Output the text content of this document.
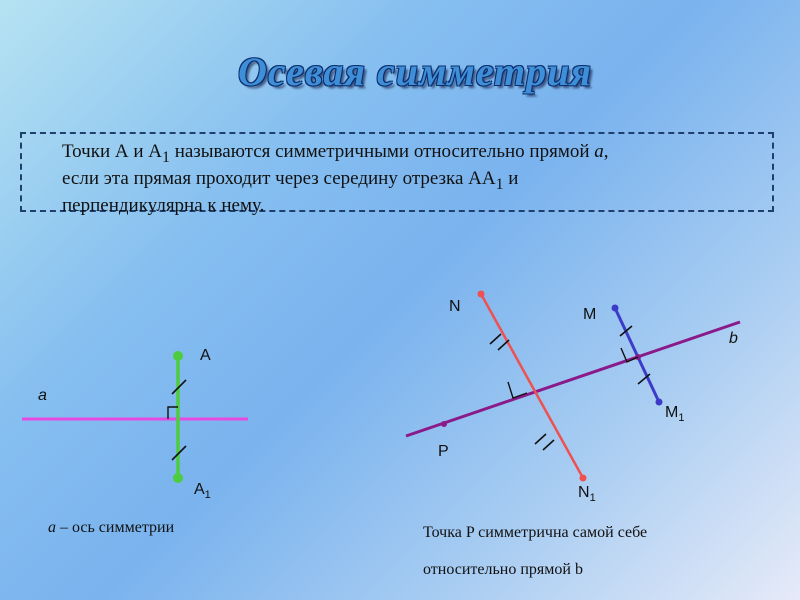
Осевая симметрия

Точки А и $А_1$ называются симметричными относительно прямой a,
если эта прямая проходит через середину отрезка $АА_1$ и
перпендикулярна к нему.

a
А
$А_1$
a – ось симметрии
N
$N_1$
M
$M_1$
P
b
Точка P симметрична самой себе
относительно прямой b
